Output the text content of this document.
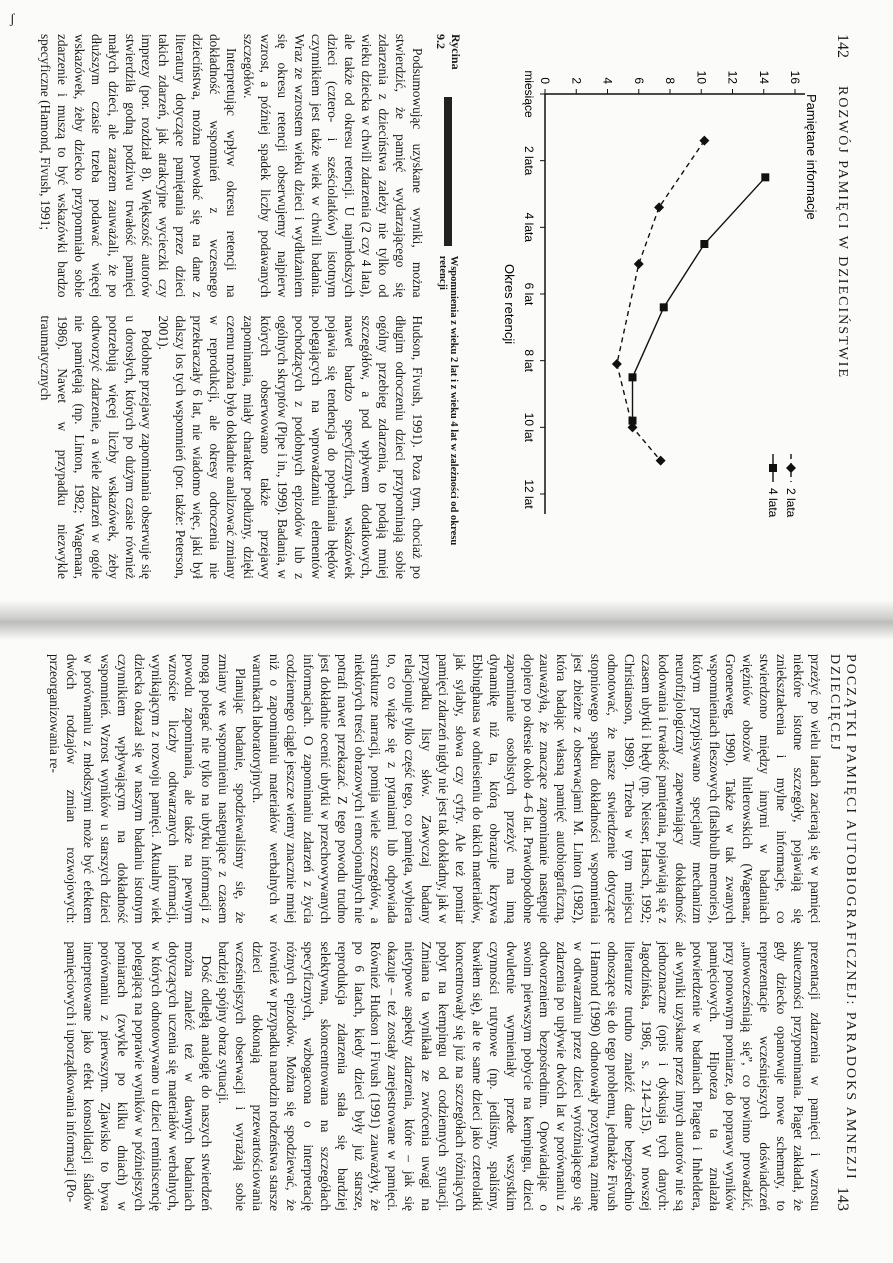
142
ROZWÓJ PAMIĘCI W DZIECIŃSTWIE
Pamiętane informacje
Okres retencji
0 2 4 6 8 10 12 14 16
miesiące
2 lata
4 lata
6 lat
8 lat
10 lat
12 lat	2 lata
4 lata
Rycina 9.2
Wspomnienia z wieku 2 lat i z wieku 4 lat w zależności od okresu retencji

Podsumowując uzyskane wyniki, można stwierdzić, że pamięć wydarzającego się zdarzenia z dzieciństwa zależy nie tylko od wieku dziecka w chwili zdarzenia (2 czy 4 lata), ale także od okresu retencji. U najmłodszych dzieci (cztero- i sześciolatków) istotnym czynnikiem jest także wiek w chwili badania. Wraz ze wzrostem wieku dzieci i wydłużaniem się okresu retencji obserwujemy najpierw wzrost, a później spadek liczby podawanych szczegółów.

Interpretując wpływ okresu retencji na dokładność wspomnień z wczesnego dzieciństwa, można powołać się na dane z literatury dotyczące pamiętania przez dzieci takich zdarzeń, jak atrakcyjne wycieczki czy imprezy (por. rozdział 8). Większość autorów stwierdziła godną podziwu trwałość pamięci małych dzieci, ale zarazem zauważali, że po dłuższym czasie trzeba podawać więcej wskazówek, żeby dziecko przypomniało sobie zdarzenie i muszą to być wskazówki bardzo specyficzne (Hamond, Fivush, 1991;

Hudson, Fivush, 1991). Poza tym, chociaż po długim odroczeniu dzieci przypominają sobie ogólny przebieg zdarzenia, to podają mniej szczegółów, a pod wpływem dodatkowych, nawet bardzo specyficznych, wskazówek pojawia się tendencja do popełniania błędów polegających na wprowadzaniu elementów pochodzących z podobnych epizodów lub z ogólnych skryptów (Pipe i in., 1999). Badania, w których obserwowano także przejawy zapominania, miały charakter podłużny, dzięki czemu można było dokładnie analizować zmiany w reprodukcji, ale okresy odroczenia nie przekraczały 6 lat, nie wiadomo więc, jaki był dalszy los tych wspomnień (por. także: Peterson, 2001).

Podobne przejawy zapominania obserwuje się u dorosłych, których po dużym czasie również potrzebują więcej liczby wskazówek, żeby odtworzyć zdarzenie, a wiele zdarzeń w ogóle nie pamiętają (np. Linton, 1982; Wagenaar, 1986). Nawet w przypadku niezwykle traumatycznych

POCZĄTKI PAMIĘCI AUTOBIOGRAFICZNEJ: PARADOKS AMNEZJI DZIECIĘCEJ
143

przeżyć po wielu latach zacierają się w pamięci niektóre istotne szczegóły, pojawiają się zniekształcenia i mylne informacje, co stwierdzono między innymi w badaniach więźniów obozów hitlerowskich (Wagenaar, Groeneweg, 1990). Także w tak zwanych wspomnieniach fleszowych (flashbulb memories), którym przypisywano specjalny mechanizm neurofizjologiczny zapewniający dokładność kodowania i trwałość pamiętania, pojawiają się z czasem ubytki i błędy (np. Neisser, Harsch, 1992; Christianson, 1989). Trzeba w tym miejscu odnotować, że nasze stwierdzenie dotyczące stopniowego spadku dokładności wspomnienia jest zbieżne z obserwacjami M. Linton (1982), która badając własną pamięć autobiograficzną, zauważyła, że znaczące zapominanie następuje dopiero po okresie około 4–6 lat. Prawdopodobne zapominanie osobistych przeżyć ma inną dynamikę niż ta, którą obrazuje krzywa Ebbinghausa w odniesieniu do takich materiałów, jak sylaby, słowa czy cyfry. Ale też pomiar pamięci zdarzeń nigdy nie jest tak dokładny, jak w przypadku listy słów. Zawyczaj badany relacjonuje tylko część tego, co pamięta, wybiera to, co wiąże się z pytaniami lub odpowiada strukturze narracji, pomija wiele szczegółów, a niektórych treści obrazowych i emocjonalnych nie potrafi nawet przekazać. Z tego powodu trudno jest dokładnie ocenić ubytki w przechowywanych informacjach. O zapominaniu zdarzeń z życia codziennego ciągle jeszcze wiemy znacznie mniej niż o zapominaniu materiałów werbalnych w warunkach laboratoryjnych.

Planując badanie, spodziewaliśmy się, że zmiany we wspomnieniu następujące z czasem mogą polegać nie tylko na ubytku informacji z powodu zapominania, ale także na pewnym wzroście liczby odtwarzanych informacji, wynikającym z rozwoju pamięci. Aktualny wiek dziecka okazał się w naszym badaniu istotnym czynnikiem wpływającym na dokładność wspomnień. Wzrost wyników u starszych dzieci w porównaniu z młodszymi może być efektem dwóch rodzajów zmian rozwojowych: przeorganizowania re-

prezentacji zdarzenia w pamięci i wzrostu skuteczności przypominania. Piaget zakładał, że gdy dziecko opanowuje nowe schematy, to reprezentacje wcześniejszych doświadczeń „unowocześniają się”, co powinno prowadzić, przy ponownym pomiarze, do poprawy wyników pamięciowych. Hipoteza ta znalazła potwierdzenie w badaniach Piageta i Inheldera, ale wyniki uzyskane przez innych autorów nie są jednoznaczne (opis i dyskusja tych danych: Jagodzińska, 1986, s. 214–215). W nowszej literaturze trudno znaleźć dane bezpośrednio odnoszące się do tego problemu, jednakże Fivush i Hamond (1990) odnotowały pozytywną zmianę w odtwarzaniu przez dzieci wyróżniającego się zdarzenia po upływie dwóch lat w porównaniu z odtworzeniem bezpośrednim. Opowiadając o swoim pierwszym pobycie na kempingu, dzieci dwuletnie wymieniały przede wszystkim czynności rutynowe (np. jedliśmy, spaliśmy, bawiłem się), ale te same dzieci jako czterolatki koncentrowały się już na szczegółach różniących pobyt na kempingu od codziennych sytuacji. Zmiana ta wynikała ze zwrócenia uwagi na nietypowe aspekty zdarzenia, które – jak się okazuje – też zostały zarejestrowane w pamięci. Również Hudson i Fivush (1991) zauważyły, że po 6 latach, kiedy dzieci były już starsze, reprodukcja zdarzenia stała się bardziej selektywna, skoncentrowana na szczegółach specyficznych, wzbogacona o interpretację różnych epizodów. Można się spodziewać, że również w przypadku narodzin rodzeństwa starsze dzieci dokonają przewartościowania wcześniejszych obserwacji i wyrażają sobie bardziej spójny obraz sytuacji.

Dość odległą analogię do naszych stwierdzeń można znaleźć też w dawnych badaniach dotyczących uczenia się materiałów werbalnych, w których odnotowywano u dzieci reminiscencję polegającą na poprawie wyników w późniejszych pomiarach (zwykle po kilku dniach) w porównaniu z pierwszym. Zjawisko to bywa interpretowane jako efekt konsolidacji śladów pamięciowych i uporządkowania informacji (Po-

ʃ
